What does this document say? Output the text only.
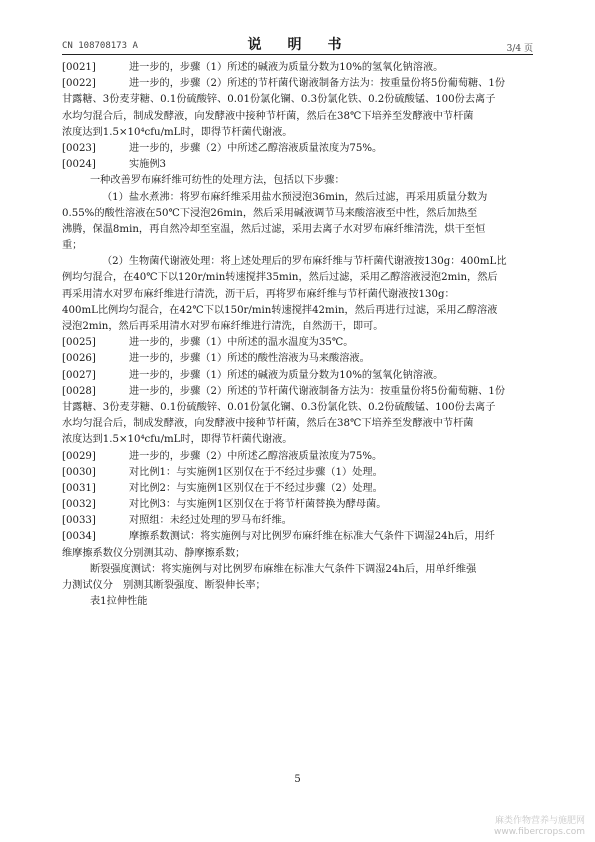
CN 108708173 A	说　明　书	3/4 页
[0021]	进一步的，步骤（1）所述的碱液为质量分数为10%的氢氧化钠溶液。
[0022]	进一步的，步骤（2）所述的节杆菌代谢液制备方法为：按重量份将5份葡萄糖、1份
甘露糖、3份麦芽糖、0.1份硫酸锌、0.01份氯化镧、0.3份氯化铁、0.2份硫酸锰、100份去离子
水均匀混合后，制成发酵液，向发酵液中接种节杆菌，然后在38℃下培养至发酵液中节杆菌
浓度达到1.5×10⁴cfu/mL时，即得节杆菌代谢液。
[0023]	进一步的，步骤（2）中所述乙醇溶液质量浓度为75%。
[0024]	实施例3
一种改善罗布麻纤维可纺性的处理方法，包括以下步骤：
（1）盐水煮沸：将罗布麻纤维采用盐水预浸泡36min，然后过滤，再采用质量分数为
0.55%的酸性溶液在50℃下浸泡26min，然后采用碱液调节马来酸溶液至中性，然后加热至
沸腾，保温8min，再自然冷却至室温，然后过滤，采用去离子水对罗布麻纤维清洗，烘干至恒
重；
（2）生物菌代谢液处理：将上述处理后的罗布麻纤维与节杆菌代谢液按130g：400mL比
例均匀混合，在40℃下以120r/min转速搅拌35min，然后过滤，采用乙醇溶液浸泡2min，然后
再采用清水对罗布麻纤维进行清洗，沥干后，再将罗布麻纤维与节杆菌代谢液按130g：
400mL比例均匀混合，在42℃下以150r/min转速搅拌42min，然后再进行过滤，采用乙醇溶液
浸泡2min，然后再采用清水对罗布麻纤维进行清洗，自然沥干，即可。
[0025]	进一步的，步骤（1）中所述的温水温度为35℃。
[0026]	进一步的，步骤（1）所述的酸性溶液为马来酸溶液。
[0027]	进一步的，步骤（1）所述的碱液为质量分数为10%的氢氧化钠溶液。
[0028]	进一步的，步骤（2）所述的节杆菌代谢液制备方法为：按重量份将5份葡萄糖、1份
甘露糖、3份麦芽糖、0.1份硫酸锌、0.01份氯化镧、0.3份氯化铁、0.2份硫酸锰、100份去离子
水均匀混合后，制成发酵液，向发酵液中接种节杆菌，然后在38℃下培养至发酵液中节杆菌
浓度达到1.5×10⁴cfu/mL时，即得节杆菌代谢液。
[0029]	进一步的，步骤（2）中所述乙醇溶液质量浓度为75%。
[0030]	对比例1：与实施例1区别仅在于不经过步骤（1）处理。
[0031]	对比例2：与实施例1区别仅在于不经过步骤（2）处理。
[0032]	对比例3：与实施例1区别仅在于将节杆菌替换为酵母菌。
[0033]	对照组：未经过处理的罗马布纤维。
[0034]	摩擦系数测试：将实施例与对比例罗布麻纤维在标准大气条件下调湿24h后，用纤
维摩擦系数仪分别测其动、静摩擦系数；
断裂强度测试：将实施例与对比例罗布麻维在标准大气条件下调湿24h后，用单纤维强
力测试仪分　别测其断裂强度、断裂伸长率；
表1拉伸性能
5
麻类作物营养与施肥网
www.fibercrops.com
